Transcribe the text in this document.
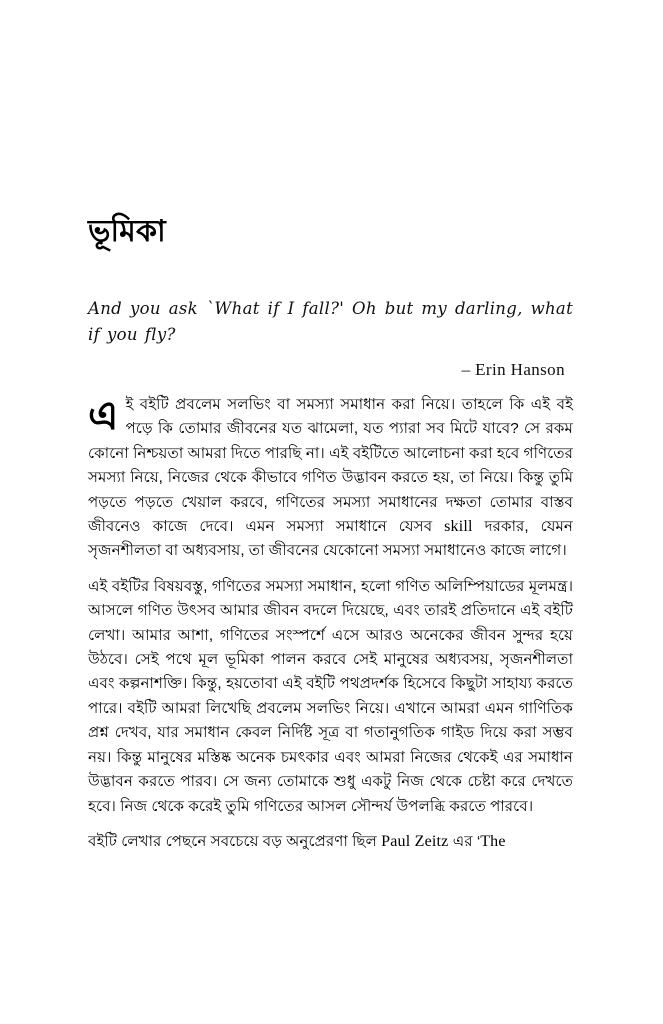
ভূমিকা

And you ask `What if I fall?' Oh but my darling, what if you fly?

– Erin Hanson

এই বইটি প্রবলেম সলভিং বা সমস্যা সমাধান করা নিয়ে। তাহলে কি এই বই পড়ে কি তোমার জীবনের যত ঝামেলা, যত প্যারা সব মিটে যাবে? সে রকম কোনো নিশ্চয়তা আমরা দিতে পারছি না। এই বইটিতে আলোচনা করা হবে গণিতের সমস্যা নিয়ে, নিজের থেকে কীভাবে গণিত উদ্ভাবন করতে হয়, তা নিয়ে। কিন্তু তুমি পড়তে পড়তে খেয়াল করবে, গণিতের সমস্যা সমাধানের দক্ষতা তোমার বাস্তব জীবনেও কাজে দেবে। এমন সমস্যা সমাধানে যেসব skill দরকার, যেমন সৃজনশীলতা বা অধ্যবসায়, তা জীবনের যেকোনো সমস্যা সমাধানেও কাজে লাগে।

এই বইটির বিষয়বস্তু, গণিতের সমস্যা সমাধান, হলো গণিত অলিম্পিয়াডের মূলমন্ত্র। আসলে গণিত উৎসব আমার জীবন বদলে দিয়েছে, এবং তারই প্রতিদানে এই বইটি লেখা। আমার আশা, গণিতের সংস্পর্শে এসে আরও অনেকের জীবন সুন্দর হয়ে উঠবে। সেই পথে মূল ভূমিকা পালন করবে সেই মানুষের অধ্যবসয়, সৃজনশীলতা এবং কল্পনাশক্তি। কিন্তু, হয়তোবা এই বইটি পথপ্রদর্শক হিসেবে কিছুটা সাহায্য করতে পারে। বইটি আমরা লিখেছি প্রবলেম সলভিং নিয়ে। এখানে আমরা এমন গাণিতিক প্রশ্ন দেখব, যার সমাধান কেবল নির্দিষ্ট সূত্র বা গতানুগতিক গাইড দিয়ে করা সম্ভব নয়। কিন্তু মানুষের মস্তিষ্ক অনেক চমৎকার এবং আমরা নিজের থেকেই এর সমাধান উদ্ভাবন করতে পারব। সে জন্য তোমাকে শুধু একটু নিজ থেকে চেষ্টা করে দেখতে হবে। নিজ থেকে করেই তুমি গণিতের আসল সৌন্দর্য উপলব্ধি করতে পারবে।

বইটি লেখার পেছনে সবচেয়ে বড় অনুপ্রেরণা ছিল Paul Zeitz এর ‘The
